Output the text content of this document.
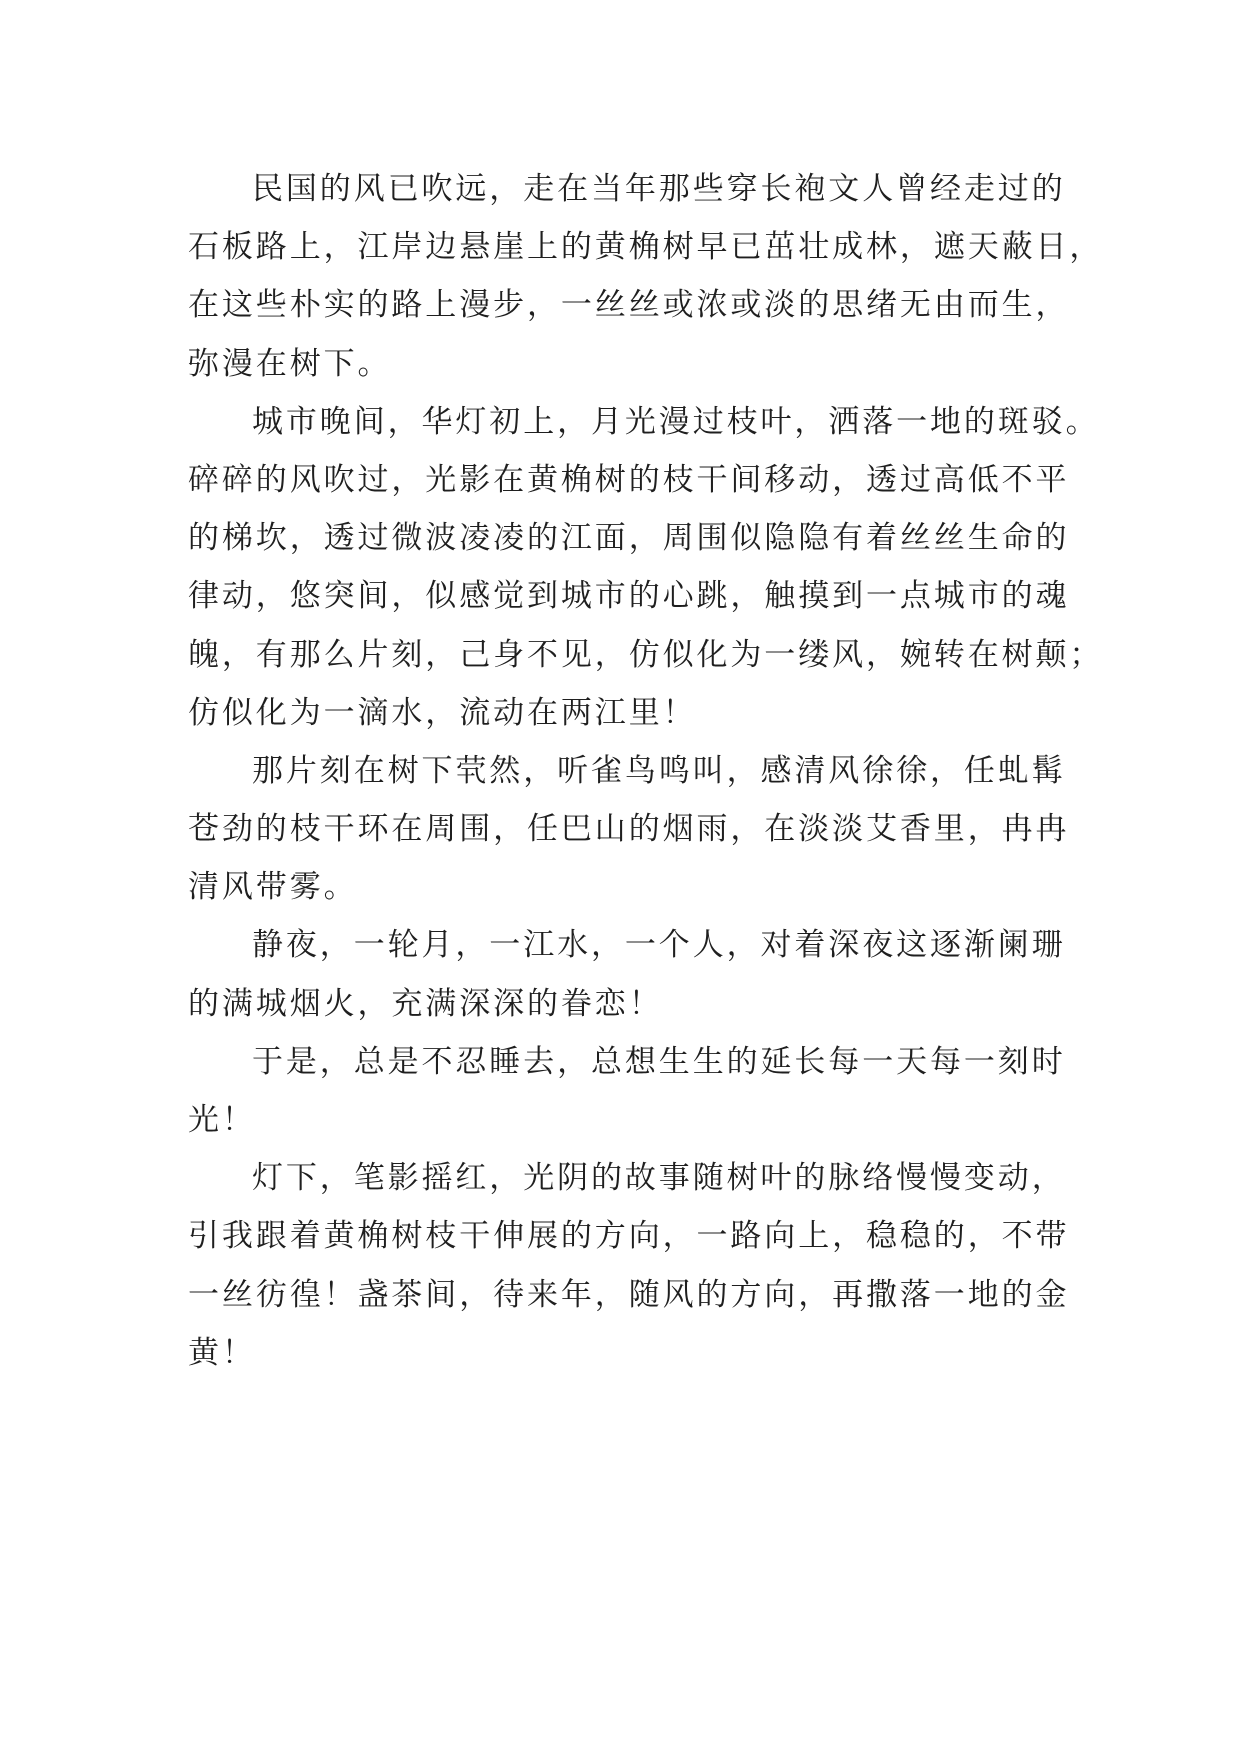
民国的风已吹远，走在当年那些穿长袍文人曾经走过的
石板路上，江岸边悬崖上的黄桷树早已茁壮成林，遮天蔽日，
在这些朴实的路上漫步，一丝丝或浓或淡的思绪无由而生，
弥漫在树下。

城市晚间，华灯初上，月光漫过枝叶，洒落一地的斑驳。
碎碎的风吹过，光影在黄桷树的枝干间移动，透过高低不平
的梯坎，透过微波凌凌的江面，周围似隐隐有着丝丝生命的
律动，悠突间，似感觉到城市的心跳，触摸到一点城市的魂
魄，有那么片刻，己身不见，仿似化为一缕风，婉转在树颠；
仿似化为一滴水，流动在两江里！

那片刻在树下茕然，听雀鸟鸣叫，感清风徐徐，任虬髯
苍劲的枝干环在周围，任巴山的烟雨，在淡淡艾香里，冉冉
清风带雾。

静夜，一轮月，一江水，一个人，对着深夜这逐渐阑珊
的满城烟火，充满深深的眷恋！

于是，总是不忍睡去，总想生生的延长每一天每一刻时
光！

灯下，笔影摇红，光阴的故事随树叶的脉络慢慢变动，
引我跟着黄桷树枝干伸展的方向，一路向上，稳稳的，不带
一丝彷徨！盏茶间，待来年，随风的方向，再撒落一地的金
黄！
